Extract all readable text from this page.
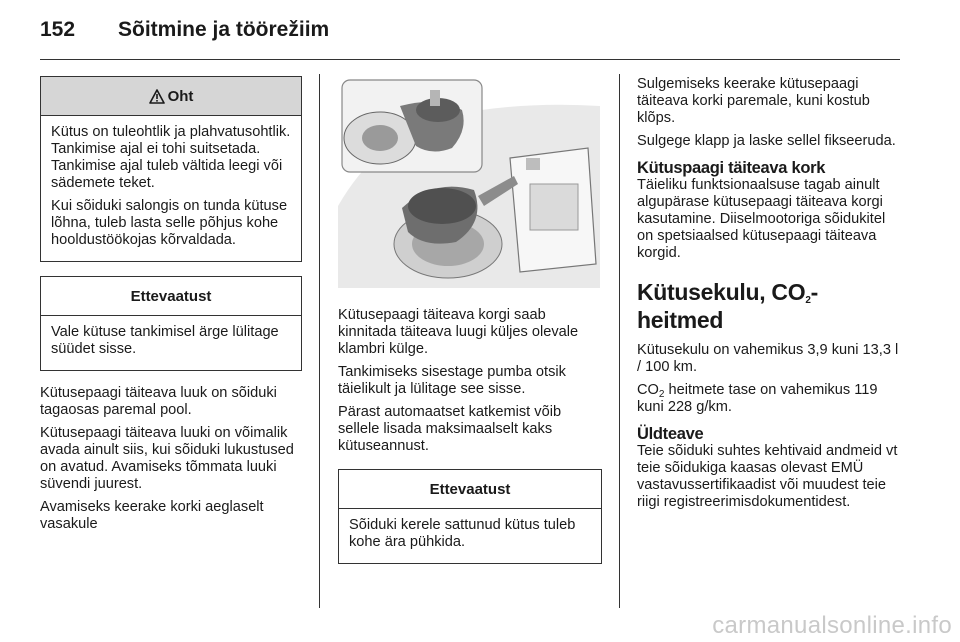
152 Sõitmine ja töörežiim
Oht

Kütus on tuleohtlik ja plahvatusohtlik. Tankimise ajal ei tohi suitsetada. Tankimise ajal tuleb vältida leegi või sädemete teket.

Kui sõiduki salongis on tunda kütuse lõhna, tuleb lasta selle põhjus kohe hooldustöökojas kõrvaldada.

Ettevaatust

Vale kütuse tankimisel ärge lülitage süüdet sisse.

Kütusepaagi täiteava luuk on sõiduki tagaosas paremal pool.

Kütusepaagi täiteava luuki on võimalik avada ainult siis, kui sõiduki lukustused on avatud. Avamiseks tõmmata luuki süvendi juurest.

Avamiseks keerake korki aeglaselt vasakule

Kütusepaagi täiteava korgi saab kinnitada täiteava luugi küljes olevale klambri külge.

Tankimiseks sisestage pumba otsik täielikult ja lülitage see sisse.

Pärast automaatset katkemist võib sellele lisada maksimaalselt kaks kütuseannust.

Ettevaatust

Sõiduki kerele sattunud kütus tuleb kohe ära pühkida.

Sulgemiseks keerake kütusepaagi täiteava korki paremale, kuni kostub klõps.

Sulgege klapp ja laske sellel fikseeruda.

Kütuspaagi täiteava kork

Täieliku funktsionaalsuse tagab ainult algupärase kütusepaagi täiteava korgi kasutamine. Diiselmootoriga sõidukitel on spetsiaalsed kütusepaagi täiteava korgid.

Kütusekulu, $CO_2$-heitmed

Kütusekulu on vahemikus 3,9 kuni 13,3 l / 100 km.

$CO_2$ heitmete tase on vahemikus 119 kuni 228 g/km.

Üldteave

Teie sõiduki suhtes kehtivaid andmeid vt teie sõidukiga kaasas olevast EMÜ vastavussertifikaadist või muudest teie riigi registreerimisdokumentidest.

carmanualsonline.info
